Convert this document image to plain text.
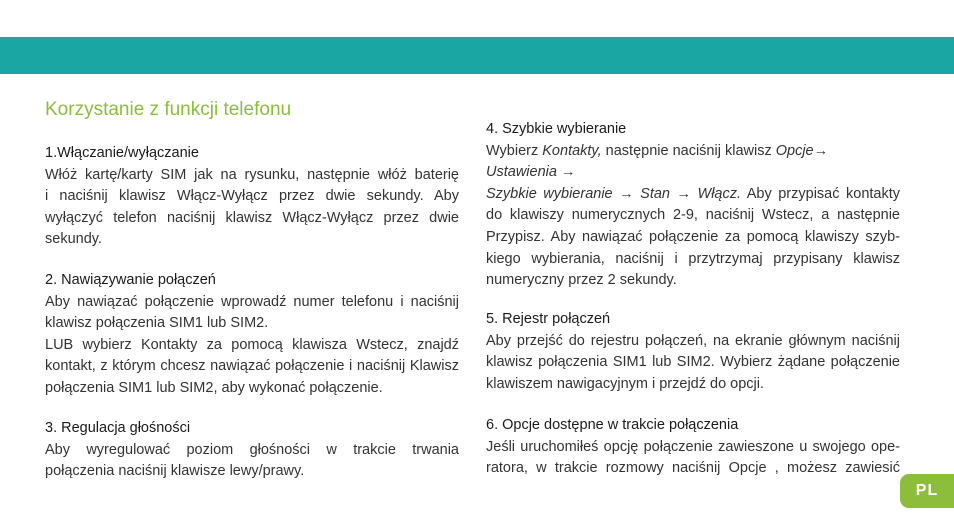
Korzystanie z funkcji telefonu
1.Włączanie/wyłączanie
Włóż kartę/karty SIM jak na rysunku, następnie włóż baterię
i naciśnij klawisz Włącz-Wyłącz przez dwie sekundy. Aby
wyłączyć telefon naciśnij klawisz Włącz-Wyłącz przez dwie
sekundy.
2. Nawiązywanie połączeń
Aby nawiązać połączenie wprowadź numer telefonu i naciśnij
klawisz połączenia SIM1 lub SIM2.
LUB wybierz Kontakty za pomocą klawisza Wstecz, znajdź
kontakt, z którym chcesz nawiązać połączenie i naciśnij Klawisz
połączenia SIM1 lub SIM2, aby wykonać połączenie.
3. Regulacja głośności
Aby wyregulować poziom głośności w trakcie trwania
połączenia naciśnij klawisze lewy/prawy.
4. Szybkie wybieranie
Wybierz Kontakty, następnie naciśnij klawisz Opcje→
Ustawienia →
Szybkie wybieranie → Stan → Włącz. Aby przypisać kontakty
do klawiszy numerycznych 2-9, naciśnij Wstecz, a następnie
Przypisz. Aby nawiązać połączenie za pomocą klawiszy szyb-
kiego wybierania, naciśnij i przytrzymaj przypisany klawisz
numeryczny przez 2 sekundy.
5. Rejestr połączeń
Aby przejść do rejestru połączeń, na ekranie głównym naciśnij
klawisz połączenia SIM1 lub SIM2. Wybierz żądane połączenie
klawiszem nawigacyjnym i przejdź do opcji.
6. Opcje dostępne w trakcie połączenia
Jeśli uruchomiłeś opcję połączenie zawieszone u swojego ope-
ratora, w trakcie rozmowy naciśnij Opcje , możesz zawiesić
PL
